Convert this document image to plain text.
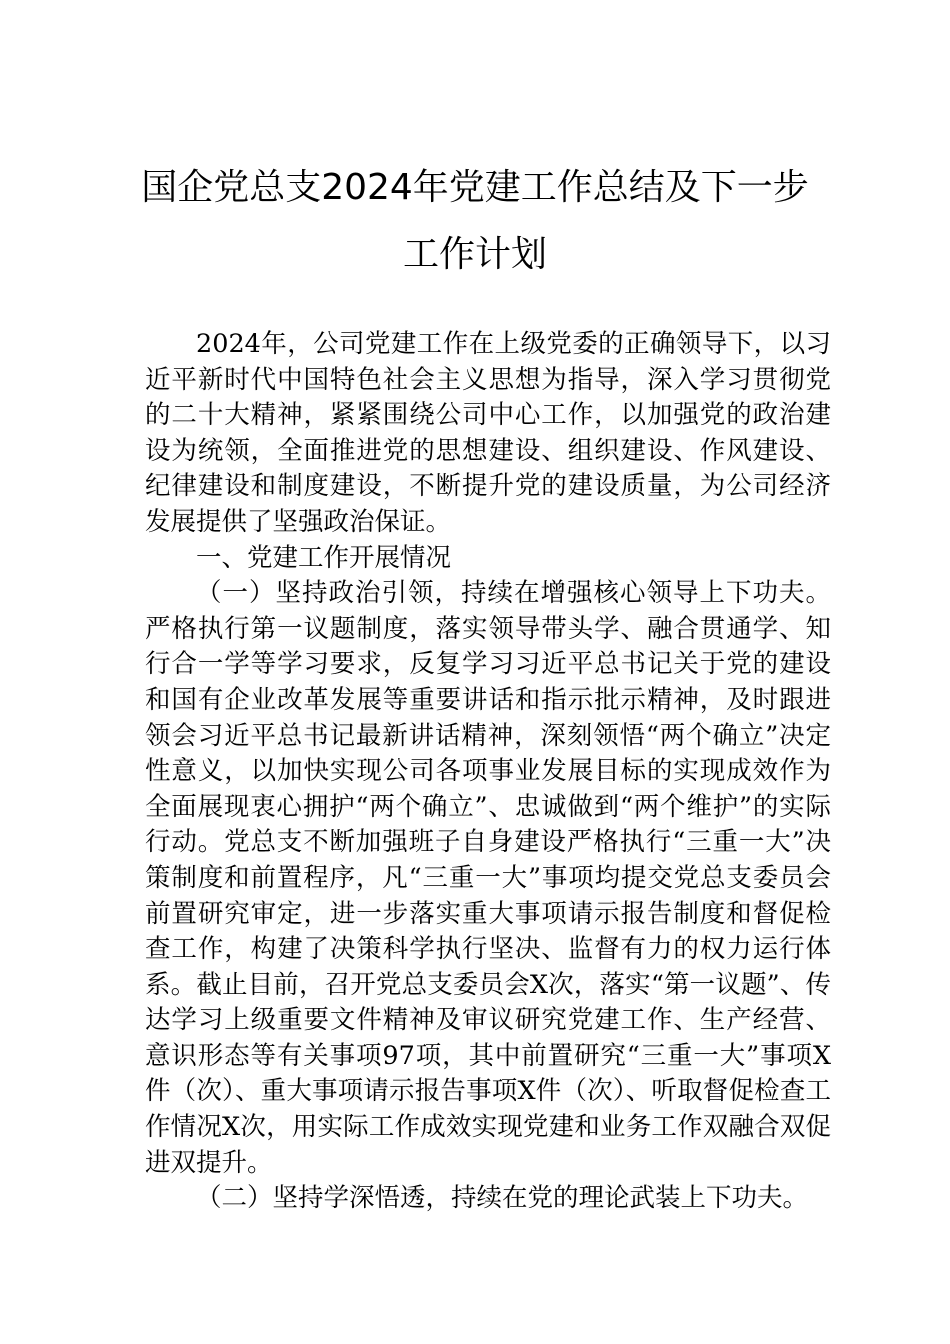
国企党总支2024年党建工作总结及下一步
工作计划

2024年，公司党建工作在上级党委的正确领导下，以习近平新时代中国特色社会主义思想为指导，深入学习贯彻党的二十大精神，紧紧围绕公司中心工作，以加强党的政治建设为统领，全面推进党的思想建设、组织建设、作风建设、纪律建设和制度建设，不断提升党的建设质量，为公司经济发展提供了坚强政治保证。

一、党建工作开展情况

（一）坚持政治引领，持续在增强核心领导上下功夫。严格执行第一议题制度，落实领导带头学、融合贯通学、知行合一学等学习要求，反复学习习近平总书记关于党的建设和国有企业改革发展等重要讲话和指示批示精神，及时跟进领会习近平总书记最新讲话精神，深刻领悟“两个确立”决定性意义，以加快实现公司各项事业发展目标的实现成效作为全面展现衷心拥护“两个确立”、忠诚做到“两个维护”的实际行动。党总支不断加强班子自身建设严格执行“三重一大”决策制度和前置程序，凡“三重一大”事项均提交党总支委员会前置研究审定，进一步落实重大事项请示报告制度和督促检查工作，构建了决策科学执行坚决、监督有力的权力运行体系。截止目前，召开党总支委员会X次，落实“第一议题”、传达学习上级重要文件精神及审议研究党建工作、生产经营、意识形态等有关事项97项，其中前置研究“三重一大”事项X件（次）、重大事项请示报告事项X件（次）、听取督促检查工作情况X次，用实际工作成效实现党建和业务工作双融合双促进双提升。

（二）坚持学深悟透，持续在党的理论武装上下功夫。
